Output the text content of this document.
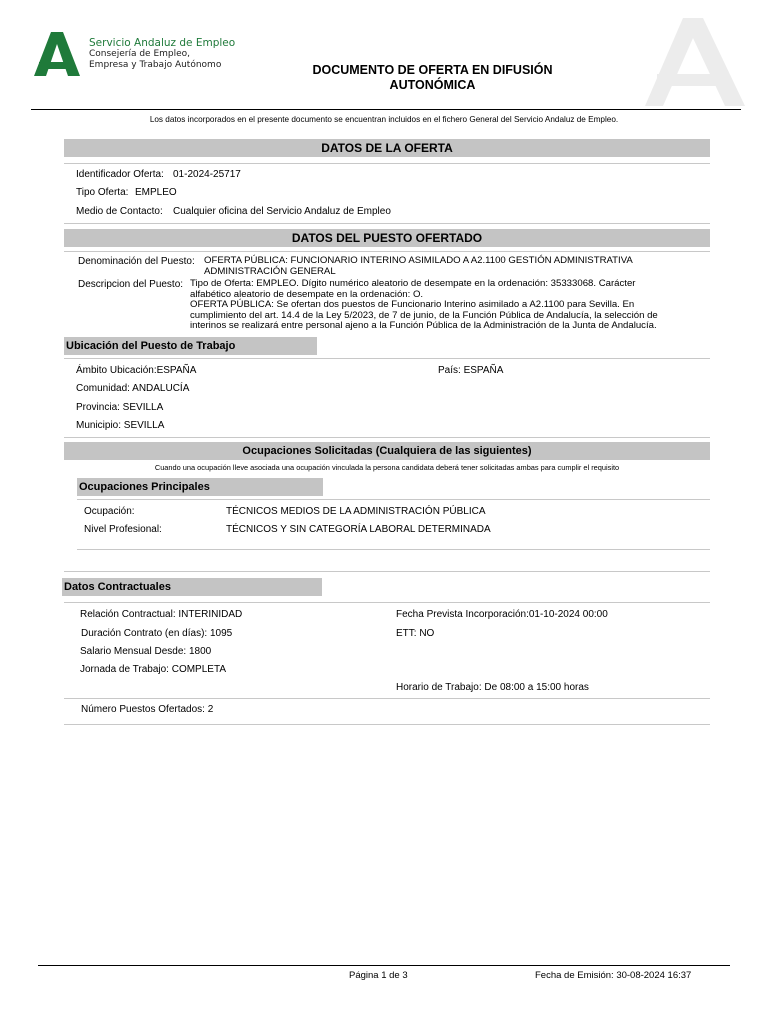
Servicio Andaluz de Empleo
Consejería de Empleo,
Empresa y Trabajo Autónomo	DOCUMENTO DE OFERTA EN DIFUSIÓN
AUTONÓMICA
Los datos incorporados en el presente documento se encuentran incluidos en el fichero General del Servicio Andaluz de Empleo.
DATOS DE LA OFERTA
Identificador Oferta: 01-2024-25717
Tipo Oferta: EMPLEO
Medio de Contacto: Cualquier oficina del Servicio Andaluz de Empleo
DATOS DEL PUESTO OFERTADO
Denominación del Puesto: OFERTA PÚBLICA: FUNCIONARIO INTERINO ASIMILADO A A2.1100 GESTIÓN ADMINISTRATIVA
ADMINISTRACIÓN GENERAL
Descripcion del Puesto: Tipo de Oferta: EMPLEO. Dígito numérico aleatorio de desempate en la ordenación: 35333068. Carácter
alfabético aleatorio de desempate en la ordenación: O.
OFERTA PÚBLICA: Se ofertan dos puestos de Funcionario Interino asimilado a A2.1100 para Sevilla. En
cumplimiento del art. 14.4 de la Ley 5/2023, de 7 de junio, de la Función Pública de Andalucía, la selección de
interinos se realizará entre personal ajeno a la Función Pública de la Administración de la Junta de Andalucía.
Ubicación del Puesto de Trabajo
Ámbito Ubicación:ESPAÑA	País: ESPAÑA
Comunidad: ANDALUCÍA
Provincia: SEVILLA
Municipio: SEVILLA
Ocupaciones Solicitadas (Cualquiera de las siguientes)
Cuando una ocupación lleve asociada una ocupación vinculada la persona candidata deberá tener solicitadas ambas para cumplir el requisito
Ocupaciones Principales
Ocupación:	TÉCNICOS MEDIOS DE LA ADMINISTRACIÓN PÚBLICA
Nivel Profesional:	TÉCNICOS Y SIN CATEGORÍA LABORAL DETERMINADA
Datos Contractuales
Relación Contractual: INTERINIDAD	Fecha Prevista Incorporación:01-10-2024 00:00
Duración Contrato (en días): 1095	ETT: NO
Salario Mensual Desde: 1800
Jornada de Trabajo: COMPLETA
Horario de Trabajo: De 08:00 a 15:00 horas
Número Puestos Ofertados: 2
Página 1 de 3	Fecha de Emisión: 30-08-2024 16:37
